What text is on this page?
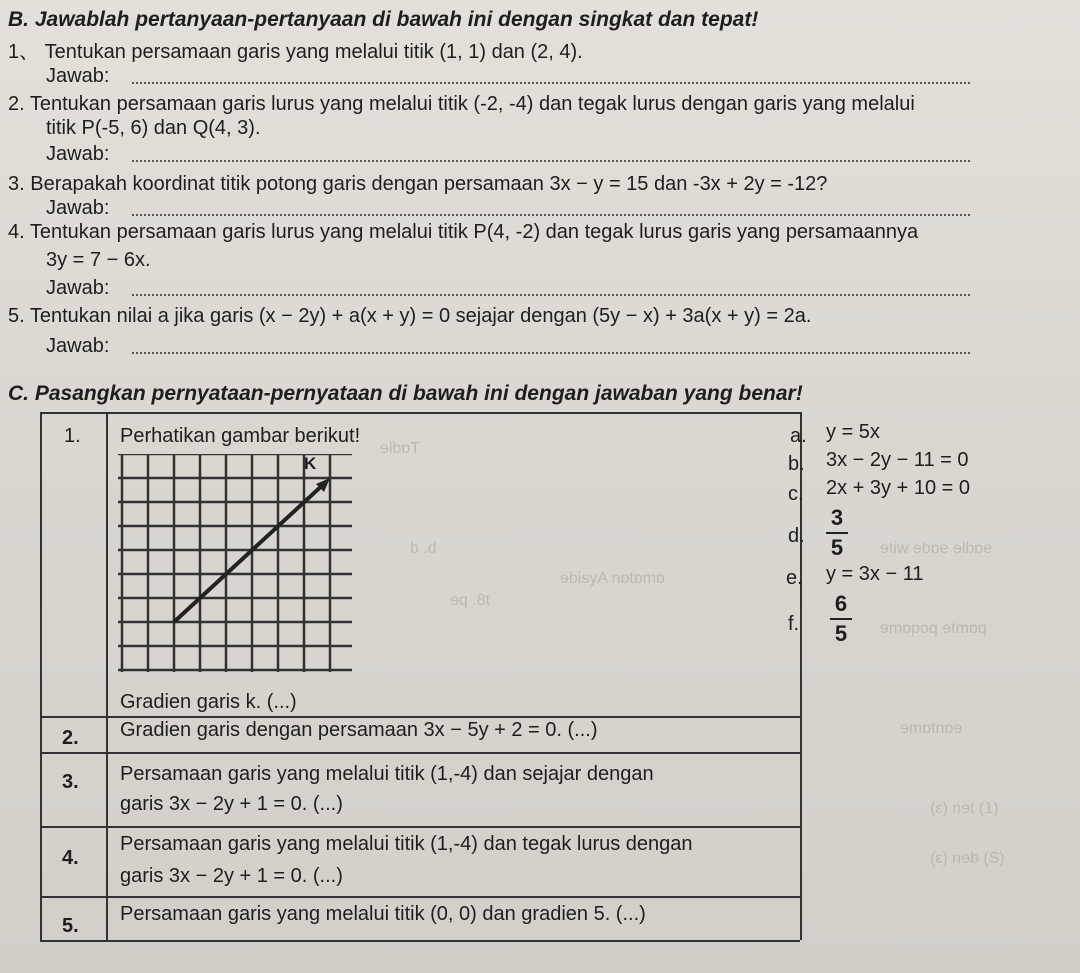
B. Jawablah pertanyaan-pertanyaan di bawah ini dengan singkat dan tepat!
1、 Tentukan persamaan garis yang melalui titik (1, 1) dan (2, 4).
Jawab:
2. Tentukan persamaan garis lurus yang melalui titik (-2, -4) dan tegak lurus dengan garis yang melalui
titik P(-5, 6) dan Q(4, 3).
Jawab:
3. Berapakah koordinat titik potong garis dengan persamaan 3x − y = 15 dan -3x + 2y = -12?
Jawab:
4. Tentukan persamaan garis lurus yang melalui titik P(4, -2) dan tegak lurus garis yang persamaannya
3y = 7 − 6x.
Jawab:
5. Tentukan nilai a jika garis (x − 2y) + a(x + y) = 0 sejajar dengan (5y − x) + 3a(x + y) = 2a.
Jawab:
ɘlbɒT
b .d
ɘq .8t
ɘbisyA nɒtɒmɒ
ɘtiw ɘbɒe ɘlbɒe
ɘmɒpoq ɘtmɒq
ɘmɒtnɒɘ
(ε) nɘt (1)
(ε) nɘb (S)
C. Pasangkan pernyataan-pernyataan di bawah ini dengan jawaban yang benar!
1. Perhatikan gambar berikut!
K
Gradien garis k. (...)
2. Gradien garis dengan persamaan 3x − 5y + 2 = 0. (...)
3. Persamaan garis yang melalui titik (1,-4) dan sejajar dengan
garis 3x − 2y + 1 = 0. (...)
4.
Persamaan garis yang melalui titik (1,-4) dan tegak lurus dengan
garis 3x − 2y + 1 = 0. (...)
5.
Persamaan garis yang melalui titik (0, 0) dan gradien 5. (...)
a. y = 5x
b. 3x − 2y − 11 = 0
c. 2x + 3y + 10 = 0
d.
3
5
e. y = 3x − 11
f.
6
5
